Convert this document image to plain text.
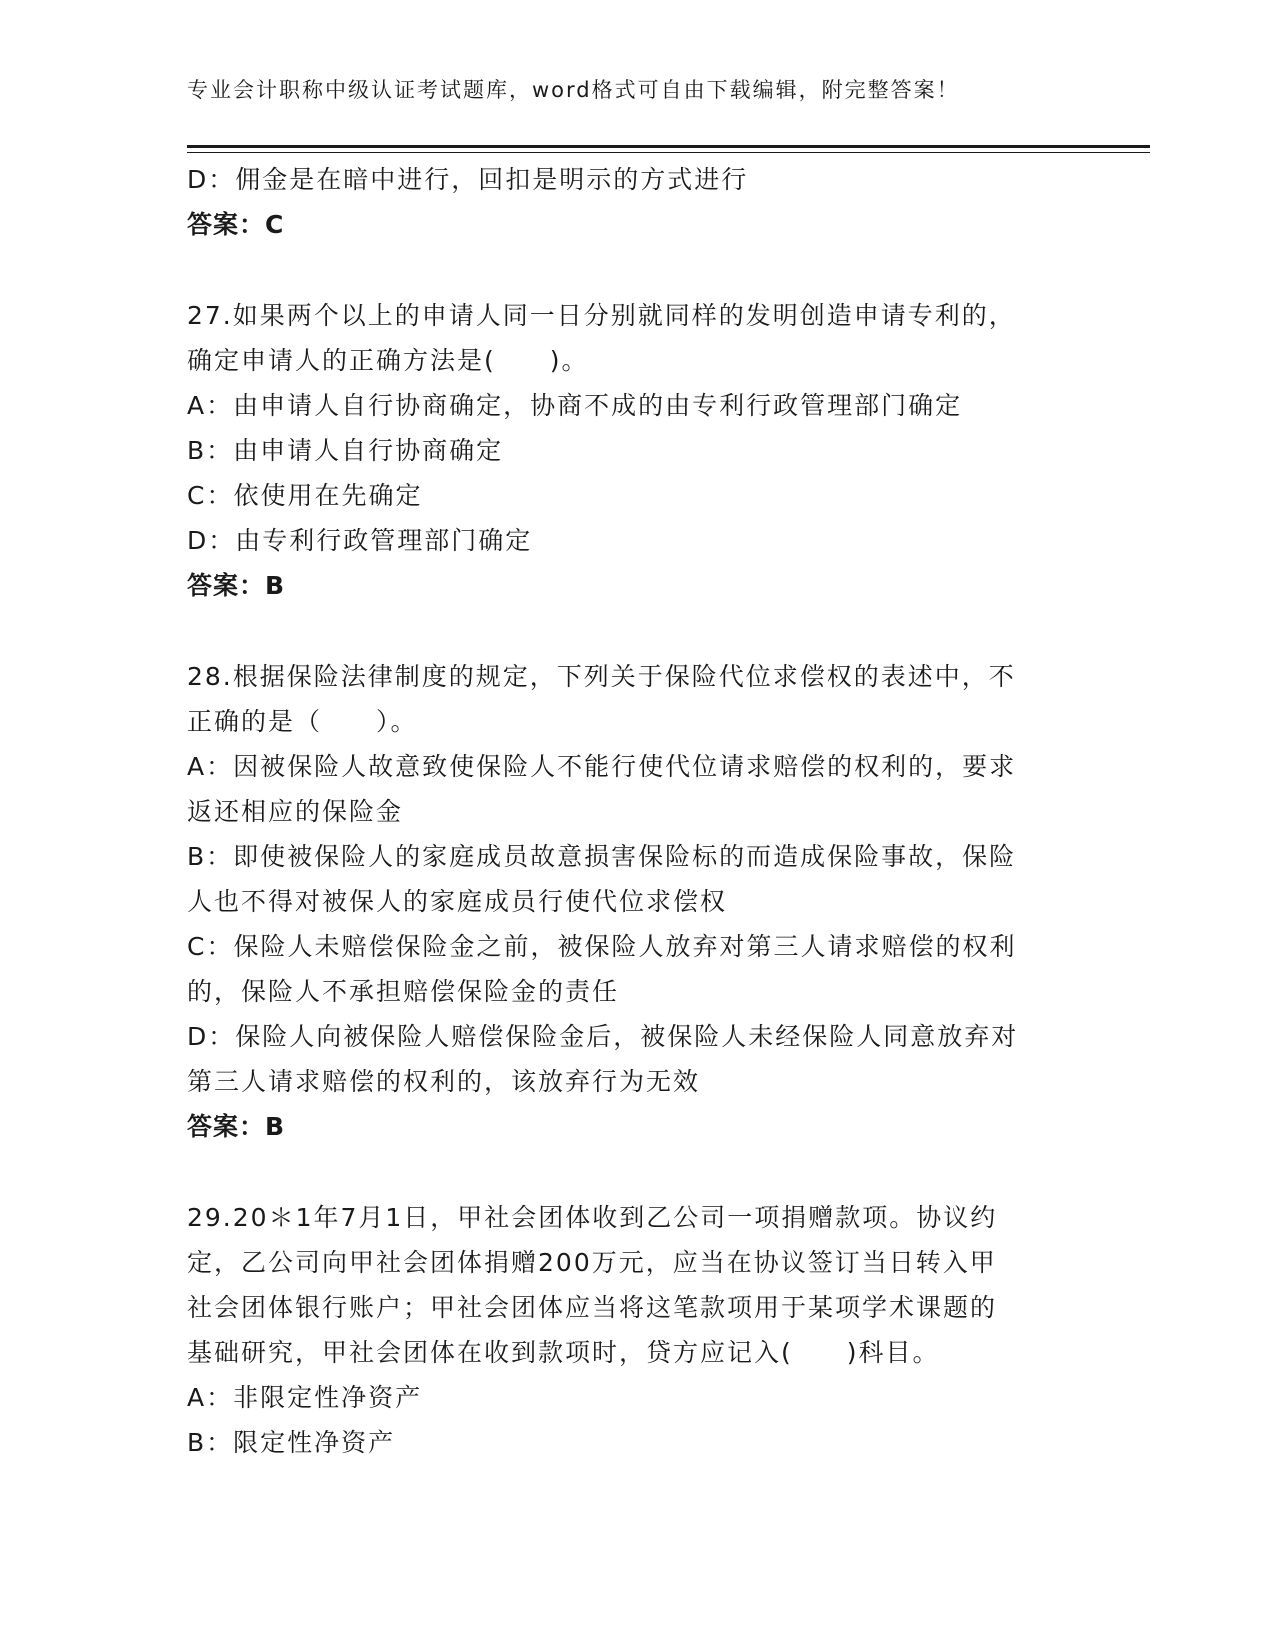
专业会计职称中级认证考试题库，word格式可自由下载编辑，附完整答案！

D：佣金是在暗中进行，回扣是明示的方式进行

答案：C

27.如果两个以上的申请人同一日分别就同样的发明创造申请专利的，

确定申请人的正确方法是(　　)。

A：由申请人自行协商确定，协商不成的由专利行政管理部门确定

B：由申请人自行协商确定

C：依使用在先确定

D：由专利行政管理部门确定

答案：B

28.根据保险法律制度的规定，下列关于保险代位求偿权的表述中，不

正确的是（　　）。

A：因被保险人故意致使保险人不能行使代位请求赔偿的权利的，要求

返还相应的保险金

B：即使被保险人的家庭成员故意损害保险标的而造成保险事故，保险

人也不得对被保人的家庭成员行使代位求偿权

C：保险人未赔偿保险金之前，被保险人放弃对第三人请求赔偿的权利

的，保险人不承担赔偿保险金的责任

D：保险人向被保险人赔偿保险金后，被保险人未经保险人同意放弃对

第三人请求赔偿的权利的，该放弃行为无效

答案：B

29.20＊1年7月1日，甲社会团体收到乙公司一项捐赠款项。协议约

定，乙公司向甲社会团体捐赠200万元，应当在协议签订当日转入甲

社会团体银行账户；甲社会团体应当将这笔款项用于某项学术课题的

基础研究，甲社会团体在收到款项时，贷方应记入(　　)科目。

A：非限定性净资产

B：限定性净资产
